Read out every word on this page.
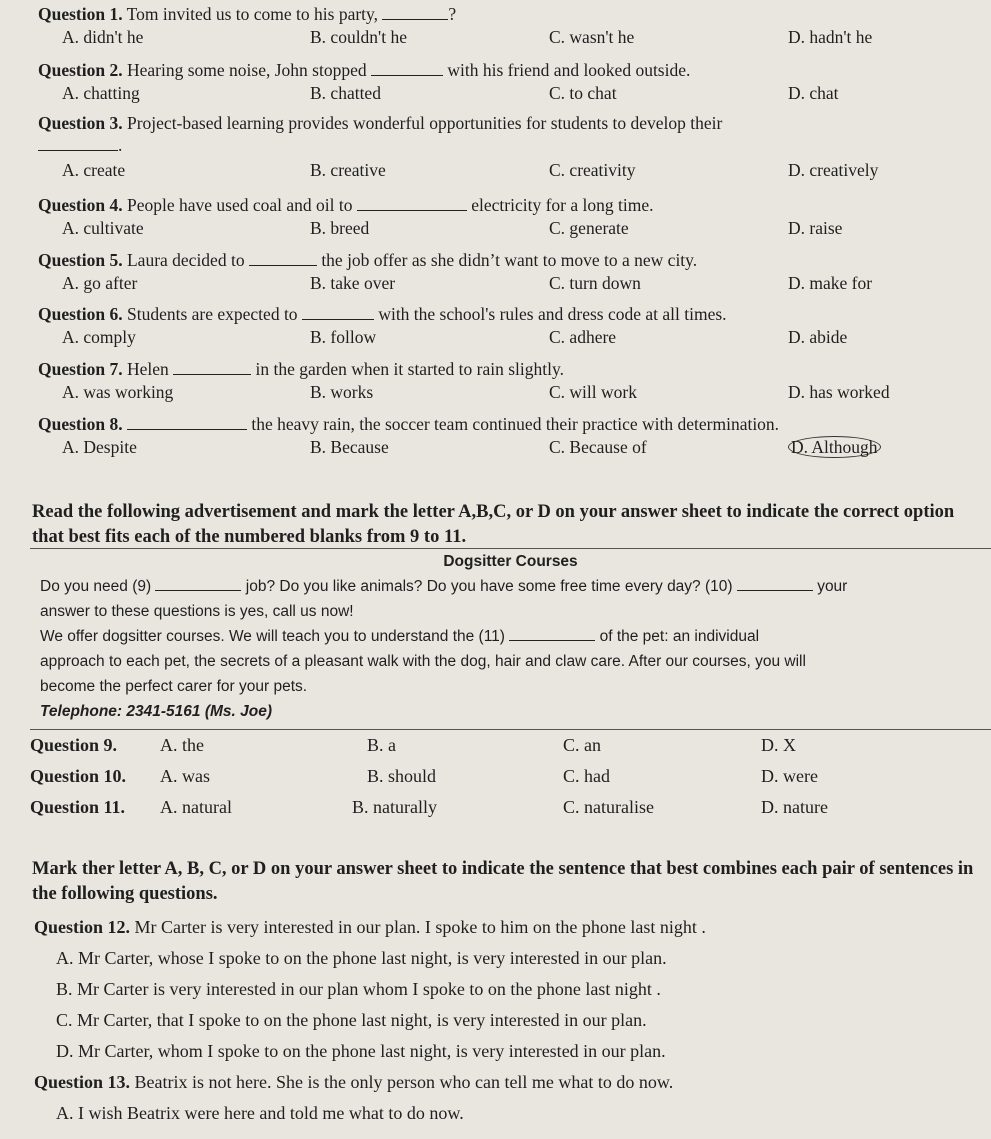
Question 1. Tom invited us to come to his party,	?
A. didn't he	B. couldn't he	C. wasn't he	D. hadn't he
Question 2. Hearing some noise, John stopped	with his friend and looked outside.
A. chatting	B. chatted	C. to chat	D. chat
Question 3. Project-based learning provides wonderful opportunities for students to develop their
.
A. create	B. creative	C. creativity	D. creatively
Question 4. People have used coal and oil to	electricity for a long time.
A. cultivate	B. breed	C. generate	D. raise
Question 5. Laura decided to	the job offer as she didn’t want to move to a new city.
A. go after	B. take over	C. turn down	D. make for
Question 6. Students are expected to	with the school's rules and dress code at all times.
A. comply	B. follow	C. adhere	D. abide
Question 7. Helen	in the garden when it started to rain slightly.
A. was working	B. works	C. will work	D. has worked
Question 8.	the heavy rain, the soccer team continued their practice with determination.
A. Despite	B. Because	C. Because of	D. Although
Read the following advertisement and mark the letter A,B,C, or D on your answer sheet to indicate the correct option that best fits each of the numbered blanks from 9 to 11.
Dogsitter Courses
Do you need (9)	job? Do you like animals? Do you have some free time every day? (10)	your
answer to these questions is yes, call us now!
We offer dogsitter courses. We will teach you to understand the (11)	of the pet: an individual
approach to each pet, the secrets of a pleasant walk with the dog, hair and claw care. After our courses, you will
become the perfect carer for your pets.
Telephone: 2341-5161 (Ms. Joe)
Question 9. A. the	B. a	C. an	D. X
Question 10. A. was	B. should	C. had	D. were
Question 11. A. natural	B. naturally	C. naturalise	D. nature
Mark ther letter A, B, C, or D on your answer sheet to indicate the sentence that best combines each pair of sentences in the following questions.
Question 12. Mr Carter is very interested in our plan. I spoke to him on the phone last night .
A. Mr Carter, whose I spoke to on the phone last night, is very interested in our plan.
B. Mr Carter is very interested in our plan whom I spoke to on the phone last night .
C. Mr Carter, that I spoke to on the phone last night, is very interested in our plan.
D. Mr Carter, whom I spoke to on the phone last night, is very interested in our plan.
Question 13. Beatrix is not here. She is the only person who can tell me what to do now.
A. I wish Beatrix were here and told me what to do now.
